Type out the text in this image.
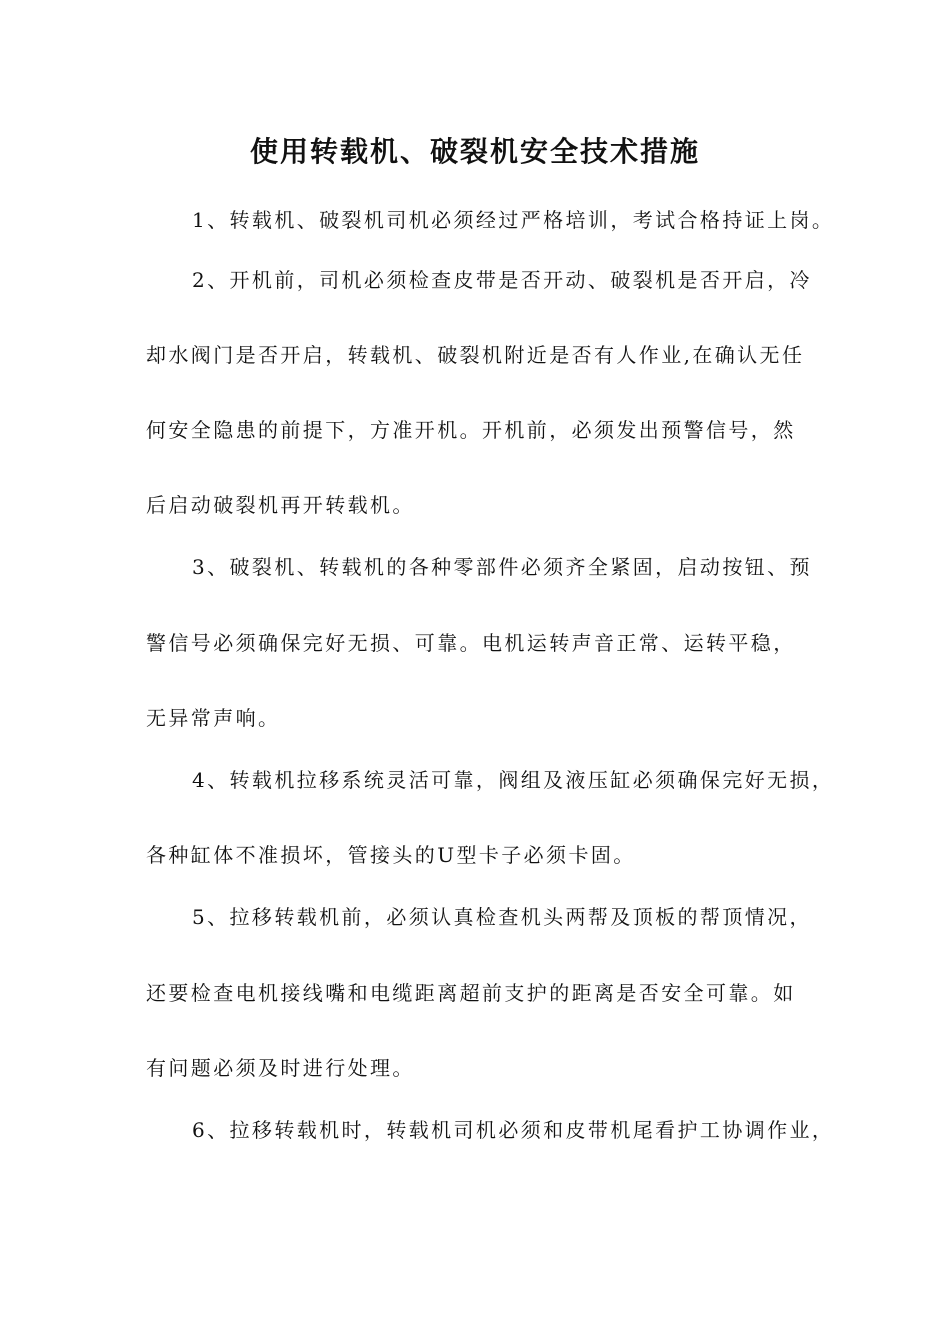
使用转载机、破裂机安全技术措施
1、转载机、破裂机司机必须经过严格培训，考试合格持证上岗。
2、开机前，司机必须检查皮带是否开动、破裂机是否开启，冷
却水阀门是否开启，转载机、破裂机附近是否有人作业,在确认无任
何安全隐患的前提下，方准开机。开机前，必须发出预警信号，然
后启动破裂机再开转载机。
3、破裂机、转载机的各种零部件必须齐全紧固，启动按钮、预
警信号必须确保完好无损、可靠。电机运转声音正常、运转平稳，
无异常声响。
4、转载机拉移系统灵活可靠，阀组及液压缸必须确保完好无损，
各种缸体不准损坏，管接头的U型卡子必须卡固。
5、拉移转载机前，必须认真检查机头两帮及顶板的帮顶情况，
还要检查电机接线嘴和电缆距离超前支护的距离是否安全可靠。如
有问题必须及时进行处理。
6、拉移转载机时，转载机司机必须和皮带机尾看护工协调作业，
